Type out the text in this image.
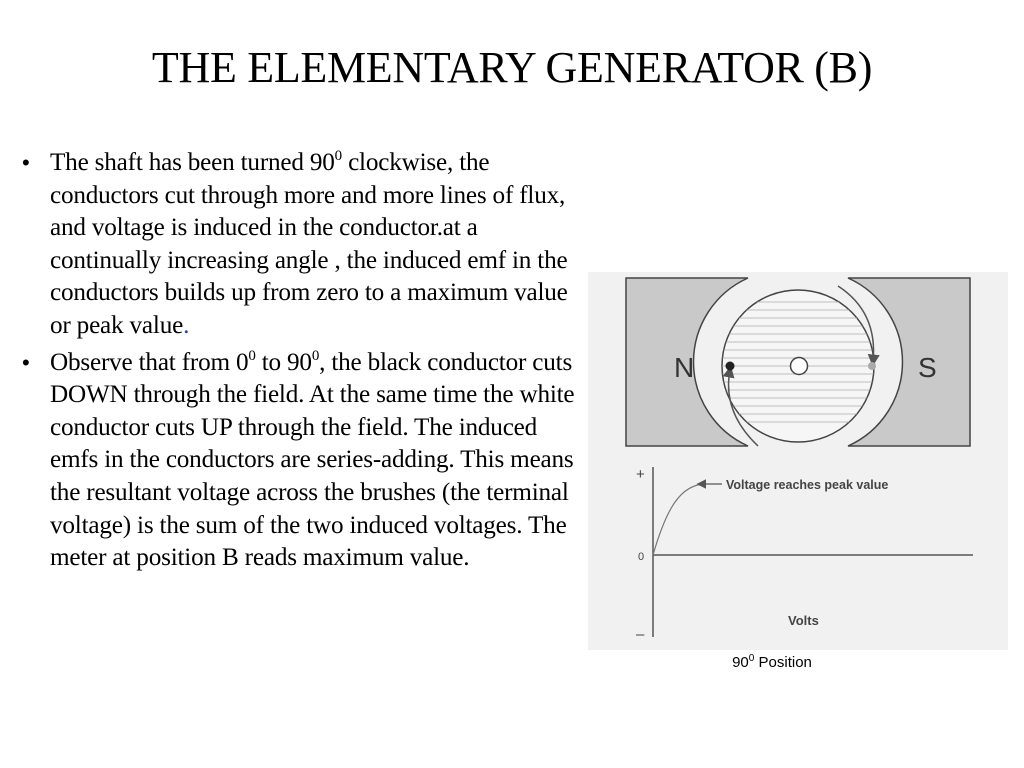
THE ELEMENTARY GENERATOR (B)
• The shaft has been turned $90^0$ clockwise, the conductors cut through more and more lines of flux, and voltage is induced in the conductor.at a continually increasing angle , the induced emf in the conductors builds up from zero to a maximum value or peak value.
• Observe that from $0^0$ to $90^0$, the black conductor cuts DOWN through the field. At the same time the white conductor cuts UP through the field. The induced emfs in the conductors are series-adding. This means the resultant voltage across the brushes (the terminal voltage) is the sum of the two induced voltages. The meter at position B reads maximum value.
N	S
+
0
–
Voltage reaches peak value
Volts
$90^0$ Position
